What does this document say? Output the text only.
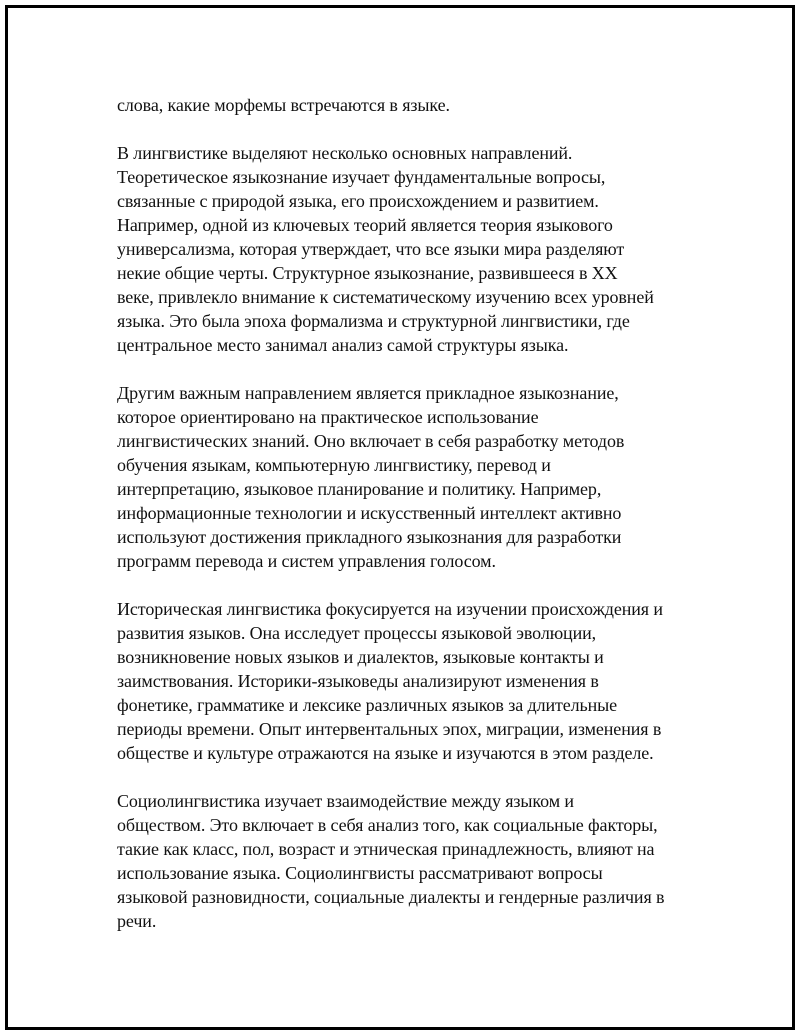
слова, какие морфемы встречаются в языке.
В лингвистике выделяют несколько основных направлений.
Теоретическое языкознание изучает фундаментальные вопросы,
связанные с природой языка, его происхождением и развитием.
Например, одной из ключевых теорий является теория языкового
универсализма, которая утверждает, что все языки мира разделяют
некие общие черты. Структурное языкознание, развившееся в XX
веке, привлекло внимание к систематическому изучению всех уровней
языка. Это была эпоха формализма и структурной лингвистики, где
центральное место занимал анализ самой структуры языка.
Другим важным направлением является прикладное языкознание,
которое ориентировано на практическое использование
лингвистических знаний. Оно включает в себя разработку методов
обучения языкам, компьютерную лингвистику, перевод и
интерпретацию, языковое планирование и политику. Например,
информационные технологии и искусственный интеллект активно
используют достижения прикладного языкознания для разработки
программ перевода и систем управления голосом.
Историческая лингвистика фокусируется на изучении происхождения и
развития языков. Она исследует процессы языковой эволюции,
возникновение новых языков и диалектов, языковые контакты и
заимствования. Историки-языковеды анализируют изменения в
фонетике, грамматике и лексике различных языков за длительные
периоды времени. Опыт интервентальных эпох, миграции, изменения в
обществе и культуре отражаются на языке и изучаются в этом разделе.
Социолингвистика изучает взаимодействие между языком и
обществом. Это включает в себя анализ того, как социальные факторы,
такие как класс, пол, возраст и этническая принадлежность, влияют на
использование языка. Социолингвисты рассматривают вопросы
языковой разновидности, социальные диалекты и гендерные различия в
речи.
